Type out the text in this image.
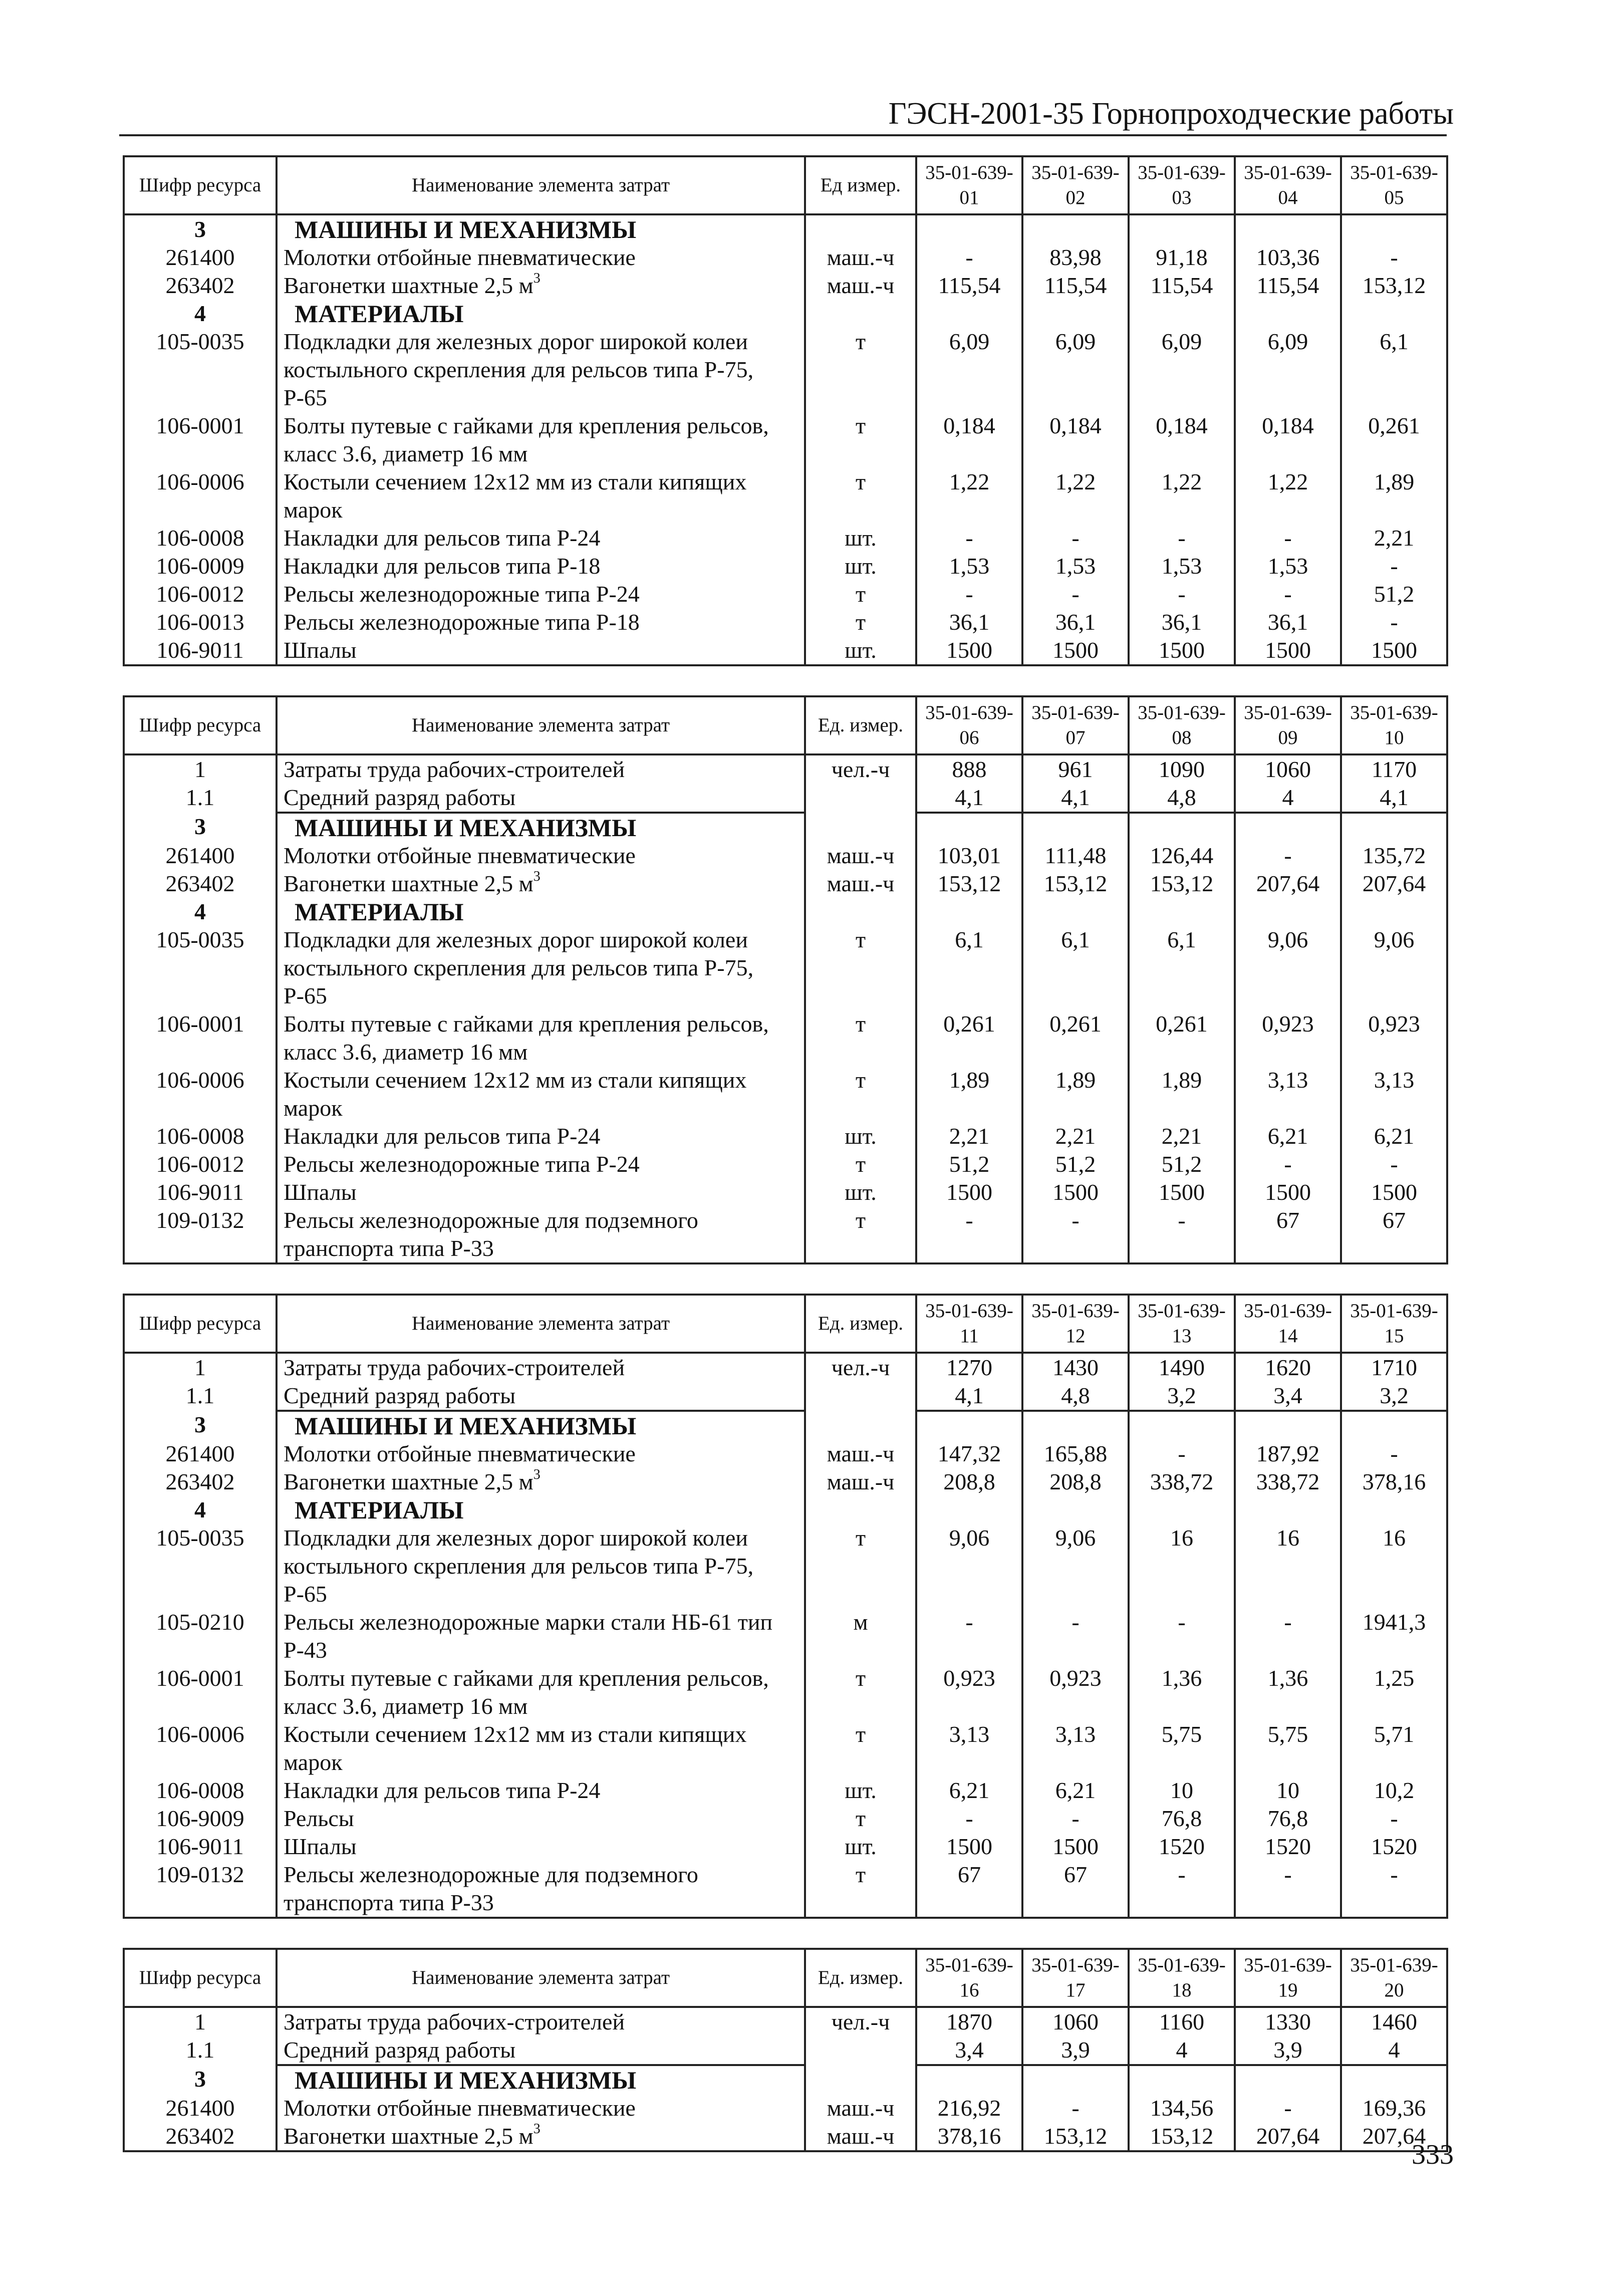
ГЭСН-2001-35 Горнопроходческие работы
Шифр ресурса	Наименование элемента затрат	Ед измер.	35-01-639-01	35-01-639-02	35-01-639-03	35-01-639-04	35-01-639-05
3	МАШИНЫ И МЕХАНИЗМЫ						
261400	Молотки отбойные пневматические	маш.-ч	-	83,98	91,18	103,36	-
263402	Вагонетки шахтные 2,5 $м^3$	маш.-ч	115,54	115,54	115,54	115,54	153,12
4	МАТЕРИАЛЫ						
105-0035	Подкладки для железных дорог широкой колеи костыльного скрепления для рельсов типа Р-75, Р-65	т	6,09	6,09	6,09	6,09	6,1
106-0001	Болты путевые с гайками для крепления рельсов, класс 3.6, диаметр 16 мм	т	0,184	0,184	0,184	0,184	0,261
106-0006	Костыли сечением 12х12 мм из стали кипящих марок	т	1,22	1,22	1,22	1,22	1,89
106-0008	Накладки для рельсов типа Р-24	шт.	-	-	-	-	2,21
106-0009	Накладки для рельсов типа Р-18	шт.	1,53	1,53	1,53	1,53	-
106-0012	Рельсы железнодорожные типа Р-24	т	-	-	-	-	51,2
106-0013	Рельсы железнодорожные типа Р-18	т	36,1	36,1	36,1	36,1	-
106-9011	Шпалы	шт.	1500	1500	1500	1500	1500
Шифр ресурса	Наименование элемента затрат	Ед. измер.	35-01-639-06	35-01-639-07	35-01-639-08	35-01-639-09	35-01-639-10
1	Затраты труда рабочих-строителей	чел.-ч	888	961	1090	1060	1170
1.1	Средний разряд работы		4,1	4,1	4,8	4	4,1
3	МАШИНЫ И МЕХАНИЗМЫ						
261400	Молотки отбойные пневматические	маш.-ч	103,01	111,48	126,44	-	135,72
263402	Вагонетки шахтные 2,5 $м^3$	маш.-ч	153,12	153,12	153,12	207,64	207,64
4	МАТЕРИАЛЫ						
105-0035	Подкладки для железных дорог широкой колеи костыльного скрепления для рельсов типа Р-75, Р-65	т	6,1	6,1	6,1	9,06	9,06
106-0001	Болты путевые с гайками для крепления рельсов, класс 3.6, диаметр 16 мм	т	0,261	0,261	0,261	0,923	0,923
106-0006	Костыли сечением 12х12 мм из стали кипящих марок	т	1,89	1,89	1,89	3,13	3,13
106-0008	Накладки для рельсов типа Р-24	шт.	2,21	2,21	2,21	6,21	6,21
106-0012	Рельсы железнодорожные типа Р-24	т	51,2	51,2	51,2	-	-
106-9011	Шпалы	шт.	1500	1500	1500	1500	1500
109-0132	Рельсы железнодорожные для подземного транспорта типа Р-33	т	-	-	-	67	67
Шифр ресурса	Наименование элемента затрат	Ед. измер.	35-01-639-11	35-01-639-12	35-01-639-13	35-01-639-14	35-01-639-15
1	Затраты труда рабочих-строителей	чел.-ч	1270	1430	1490	1620	1710
1.1	Средний разряд работы		4,1	4,8	3,2	3,4	3,2
3	МАШИНЫ И МЕХАНИЗМЫ						
261400	Молотки отбойные пневматические	маш.-ч	147,32	165,88	-	187,92	-
263402	Вагонетки шахтные 2,5 $м^3$	маш.-ч	208,8	208,8	338,72	338,72	378,16
4	МАТЕРИАЛЫ						
105-0035	Подкладки для железных дорог широкой колеи костыльного скрепления для рельсов типа Р-75, Р-65	т	9,06	9,06	16	16	16
105-0210	Рельсы железнодорожные марки стали НБ-61 тип Р-43	м	-	-	-	-	1941,3
106-0001	Болты путевые с гайками для крепления рельсов, класс 3.6, диаметр 16 мм	т	0,923	0,923	1,36	1,36	1,25
106-0006	Костыли сечением 12х12 мм из стали кипящих марок	т	3,13	3,13	5,75	5,75	5,71
106-0008	Накладки для рельсов типа Р-24	шт.	6,21	6,21	10	10	10,2
106-9009	Рельсы	т	-	-	76,8	76,8	-
106-9011	Шпалы	шт.	1500	1500	1520	1520	1520
109-0132	Рельсы железнодорожные для подземного транспорта типа Р-33	т	67	67	-	-	-
Шифр ресурса	Наименование элемента затрат	Ед. измер.	35-01-639-16	35-01-639-17	35-01-639-18	35-01-639-19	35-01-639-20
1	Затраты труда рабочих-строителей	чел.-ч	1870	1060	1160	1330	1460
1.1	Средний разряд работы		3,4	3,9	4	3,9	4
3	МАШИНЫ И МЕХАНИЗМЫ						
261400	Молотки отбойные пневматические	маш.-ч	216,92	-	134,56	-	169,36
263402	Вагонетки шахтные 2,5 $м^3$	маш.-ч	378,16	153,12	153,12	207,64	207,64
333
